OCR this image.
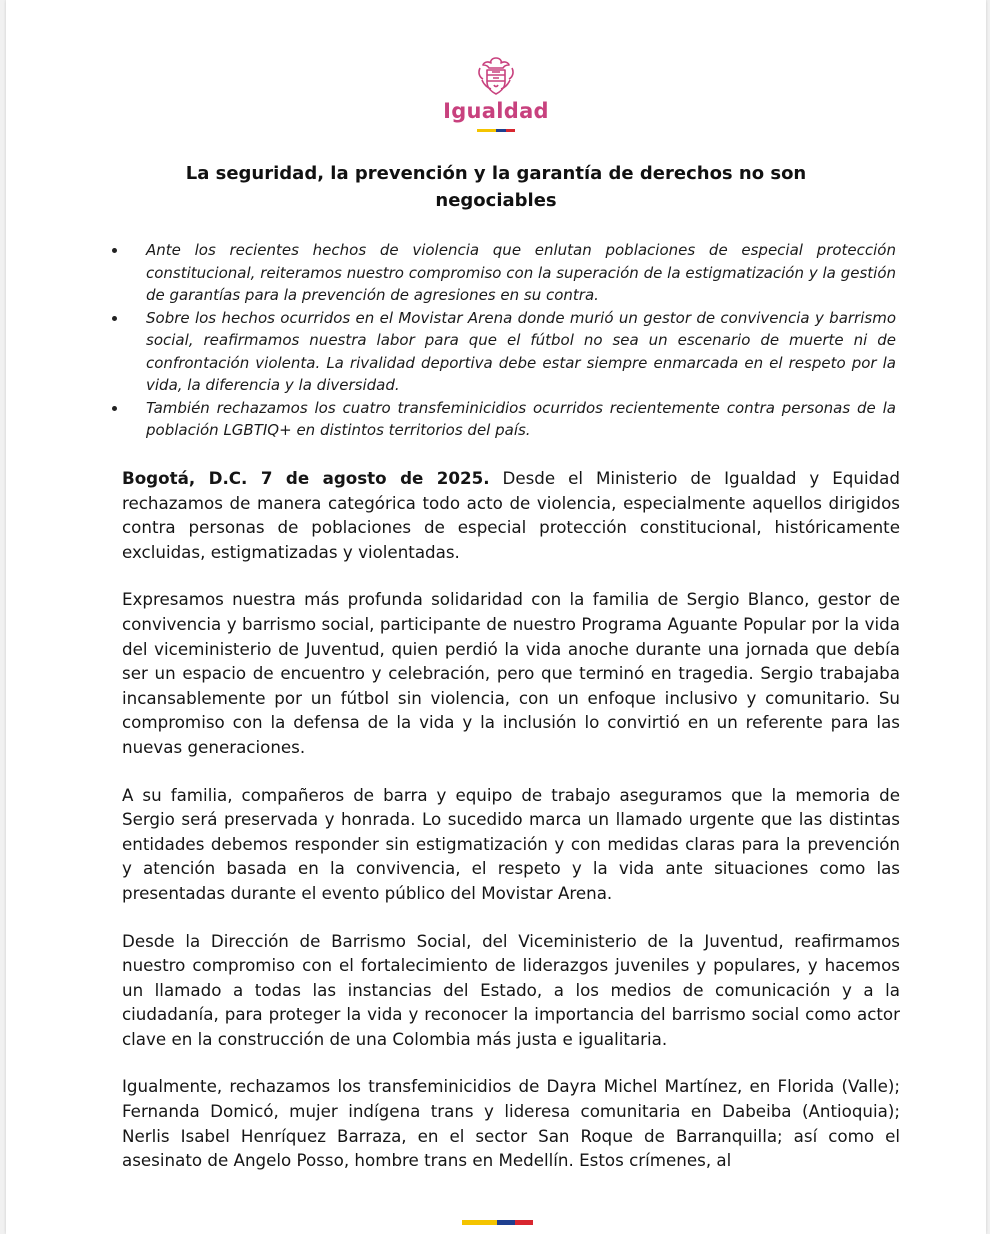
Igualdad
La seguridad, la prevención y la garantía de derechos no son negociables
Ante los recientes hechos de violencia que enlutan poblaciones de especial protección constitucional, reiteramos nuestro compromiso con la superación de la estigmatización y la gestión de garantías para la prevención de agresiones en su contra.
Sobre los hechos ocurridos en el Movistar Arena donde murió un gestor de convivencia y barrismo social, reafirmamos nuestra labor para que el fútbol no sea un escenario de muerte ni de confrontación violenta. La rivalidad deportiva debe estar siempre enmarcada en el respeto por la vida, la diferencia y la diversidad.
También rechazamos los cuatro transfeminicidios ocurridos recientemente contra personas de la población LGBTIQ+ en distintos territorios del país.

Bogotá, D.C. 7 de agosto de 2025. Desde el Ministerio de Igualdad y Equidad rechazamos de manera categórica todo acto de violencia, especialmente aquellos dirigidos contra personas de poblaciones de especial protección constitucional, históricamente excluidas, estigmatizadas y violentadas.

Expresamos nuestra más profunda solidaridad con la familia de Sergio Blanco, gestor de convivencia y barrismo social, participante de nuestro Programa Aguante Popular por la vida del viceministerio de Juventud, quien perdió la vida anoche durante una jornada que debía ser un espacio de encuentro y celebración, pero que terminó en tragedia. Sergio trabajaba incansablemente por un fútbol sin violencia, con un enfoque inclusivo y comunitario. Su compromiso con la defensa de la vida y la inclusión lo convirtió en un referente para las nuevas generaciones.

A su familia, compañeros de barra y equipo de trabajo aseguramos que la memoria de Sergio será preservada y honrada. Lo sucedido marca un llamado urgente que las distintas entidades debemos responder sin estigmatización y con medidas claras para la prevención y atención basada en la convivencia, el respeto y la vida ante situaciones como las presentadas durante el evento público del Movistar Arena.

Desde la Dirección de Barrismo Social, del Viceministerio de la Juventud, reafirmamos nuestro compromiso con el fortalecimiento de liderazgos juveniles y populares, y hacemos un llamado a todas las instancias del Estado, a los medios de comunicación y a la ciudadanía, para proteger la vida y reconocer la importancia del barrismo social como actor clave en la construcción de una Colombia más justa e igualitaria.

Igualmente, rechazamos los transfeminicidios de Dayra Michel Martínez, en Florida (Valle); Fernanda Domicó, mujer indígena trans y lideresa comunitaria en Dabeiba (Antioquia); Nerlis Isabel Henríquez Barraza, en el sector San Roque de Barranquilla; así como el asesinato de Angelo Posso, hombre trans en Medellín. Estos crímenes, al
